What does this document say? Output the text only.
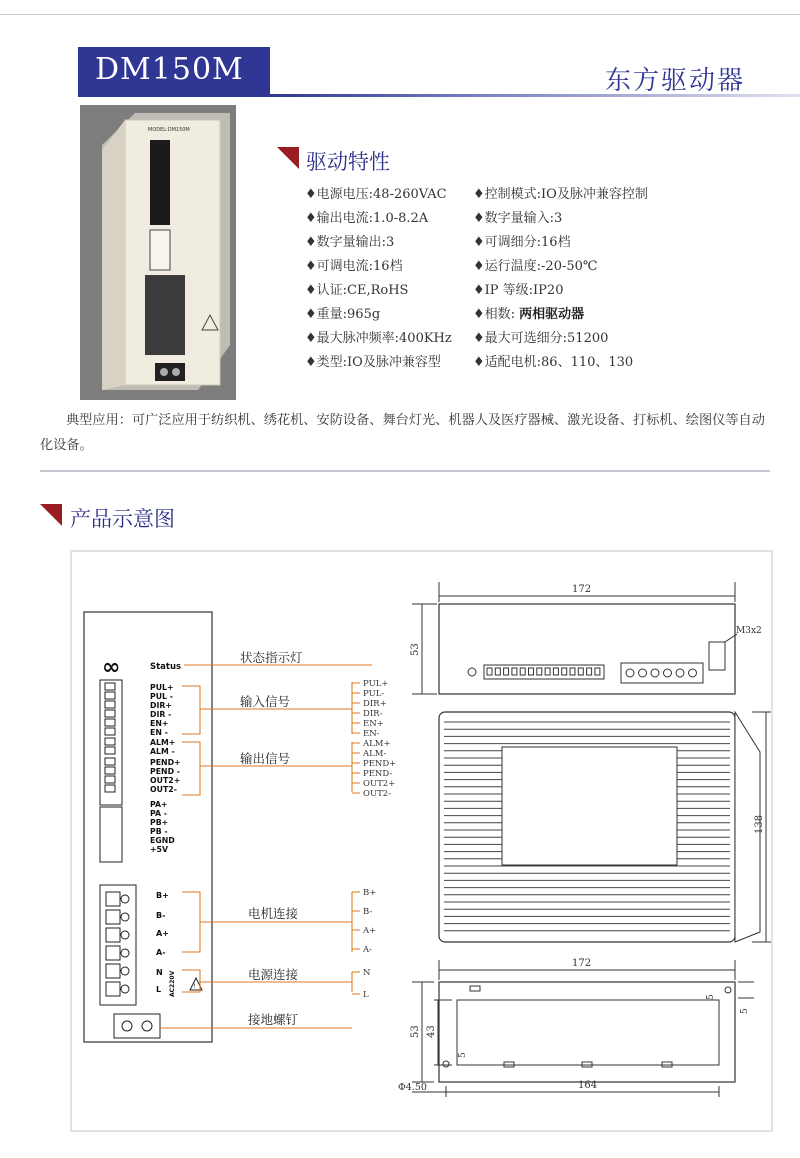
DM150M	东方驱动器
MODEL:DM150M
驱动特性
♦电源电压:48-260VAC
♦输出电流:1.0-8.2A
♦数字量输出:3
♦可调电流:16档
♦认证:CE,RoHS
♦重量:965g
♦最大脉冲频率:400KHz
♦类型:IO及脉冲兼容型
♦控制模式:IO及脉冲兼容控制
♦数字量输入:3
♦可调细分:16档
♦运行温度:-20-50℃
♦IP 等级:IP20
♦相数: 两相驱动器
♦最大可选细分:51200
♦适配电机:86、110、130
典型应用：可广泛应用于纺织机、绣花机、安防设备、舞台灯光、机器人及医疗器械、激光设备、打标机、绘图仪等自动化设备。
产品示意图
∞	Status
PUL+
PUL -
DIR+
DIR -
EN+
EN -
ALM+
ALM -
PEND+
PEND -
OUT2+
OUT2-
PA+
PA -
PB+
PB -
EGND
+5V
B+
B-
A+
A-
N
L AC220V	!
状态指示灯
输入信号
输出信号
电机连接
电源连接
接地螺钉
PUL+
PUL-
DIR+
DIR-
EN+
EN-
ALM+
ALM-
PEND+
PEND-
OUT2+
OUT2-
B+
B-
A+
A-
N
L
172
53
M3x2
138
172
53 43
Φ4.50	164
5
5
5
